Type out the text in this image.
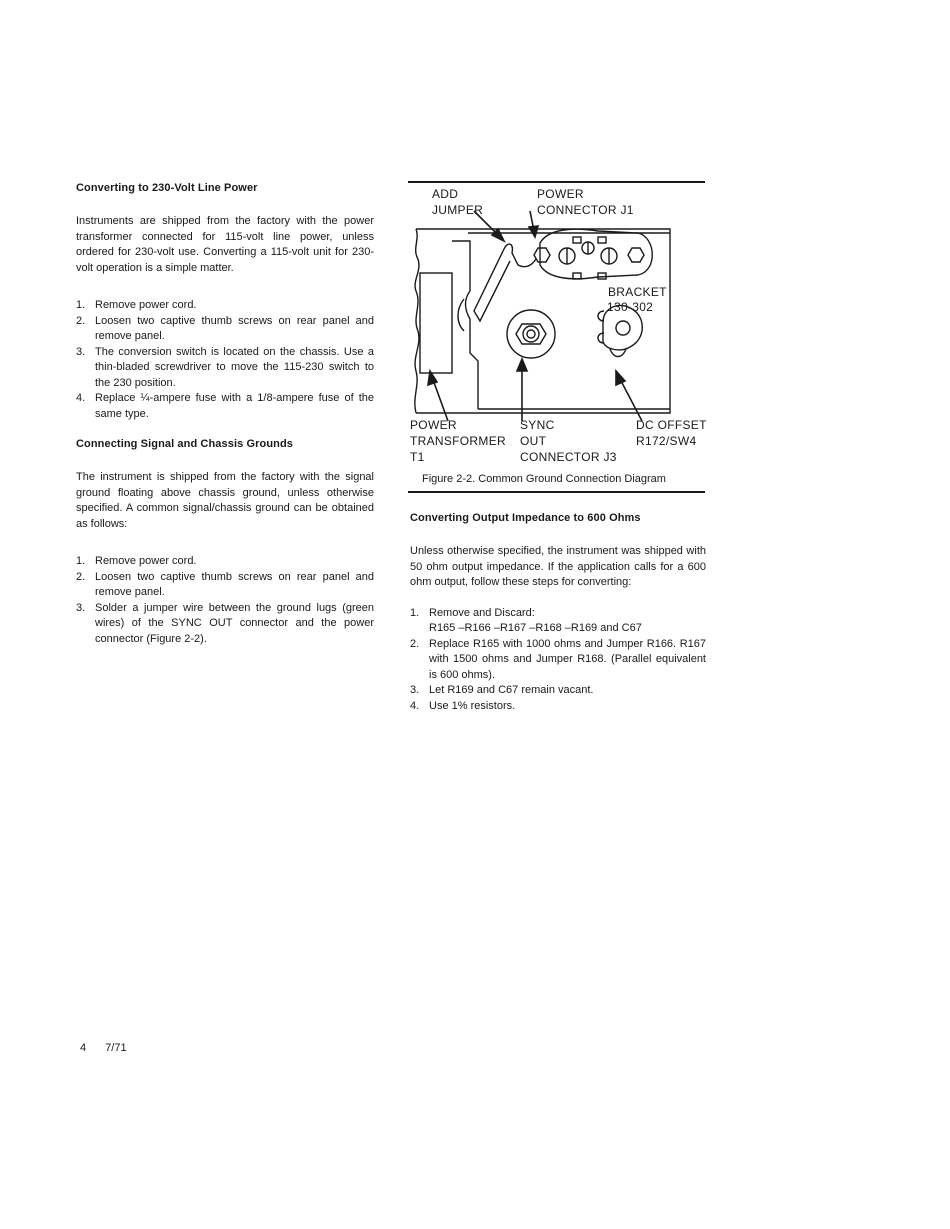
Converting to 230-Volt Line Power

Instruments are shipped from the factory with the power transformer connected for 115-volt line power, unless ordered for 230-volt use. Converting a 115-volt unit for 230-volt operation is a simple matter.

1. Remove power cord.
2. Loosen two captive thumb screws on rear panel and remove panel.
3. The conversion switch is located on the chassis. Use a thin-bladed screwdriver to move the 115-230 switch to the 230 position.
4. Replace ¼-ampere fuse with a 1/8-ampere fuse of the same type.
Connecting Signal and Chassis Grounds

The instrument is shipped from the factory with the signal ground floating above chassis ground, unless otherwise specified. A common signal/chassis ground can be obtained as follows:

1. Remove power cord.
2. Loosen two captive thumb screws on rear panel and remove panel.
3. Solder a jumper wire between the ground lugs (green wires) of the SYNC OUT connector and the power connector (Figure 2-2).
ADD
JUMPER
POWER
CONNECTOR J1
BRACKET
130-302
POWER
TRANSFORMER
T1
SYNC
OUT
CONNECTOR J3
DC OFFSET
R172/SW4
Figure 2-2. Common Ground Connection Diagram
Converting Output Impedance to 600 Ohms

Unless otherwise specified, the instrument was shipped with 50 ohm output impedance. If the application calls for a 600 ohm output, follow these steps for converting:

1. Remove and Discard:
R165 –R166 –R167 –R168 –R169 and C67
2. Replace R165 with 1000 ohms and Jumper R166. R167 with 1500 ohms and Jumper R168. (Parallel equivalent is 600 ohms).
3. Let R169 and C67 remain vacant.
4. Use 1% resistors.
4 7/71
